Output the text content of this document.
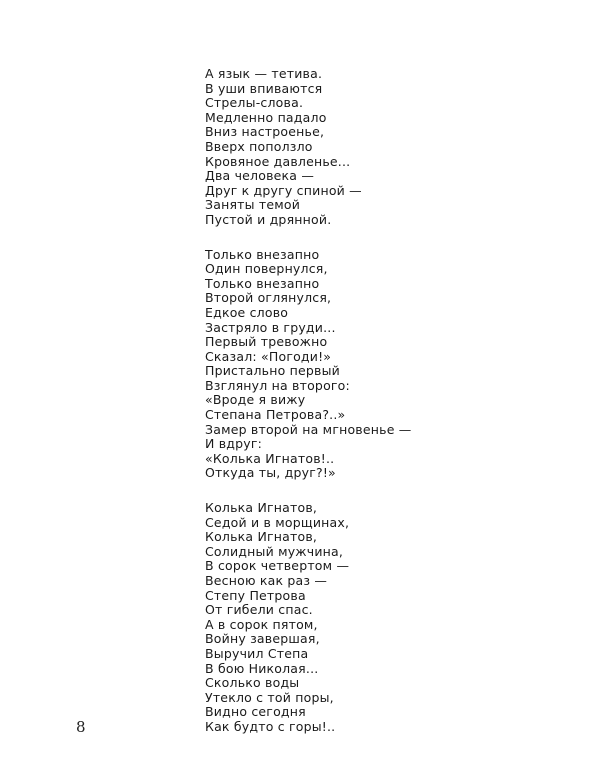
А язык — тетива.
В уши впиваются
Стрелы-слова.
Медленно падало
Вниз настроенье,
Вверх поползло
Кровяное давленье...
Два человека —
Друг к другу спиной —
Заняты темой
Пустой и дрянной.
Только внезапно
Один повернулся,
Только внезапно
Второй оглянулся,
Едкое слово
Застряло в груди...
Первый тревожно
Сказал: «Погоди!»
Пристально первый
Взглянул на второго:
«Вроде я вижу
Степана Петрова?..»
Замер второй на мгновенье —
И вдруг:
«Колька Игнатов!..
Откуда ты, друг?!»
Колька Игнатов,
Седой и в морщинах,
Колька Игнатов,
Солидный мужчина,
В сорок четвертом —
Весною как раз —
Степу Петрова
От гибели спас.
А в сорок пятом,
Войну завершая,
Выручил Степа
В бою Николая...
Сколько воды
Утекло с той поры,
Видно сегодня
Как будто с горы!..
8
